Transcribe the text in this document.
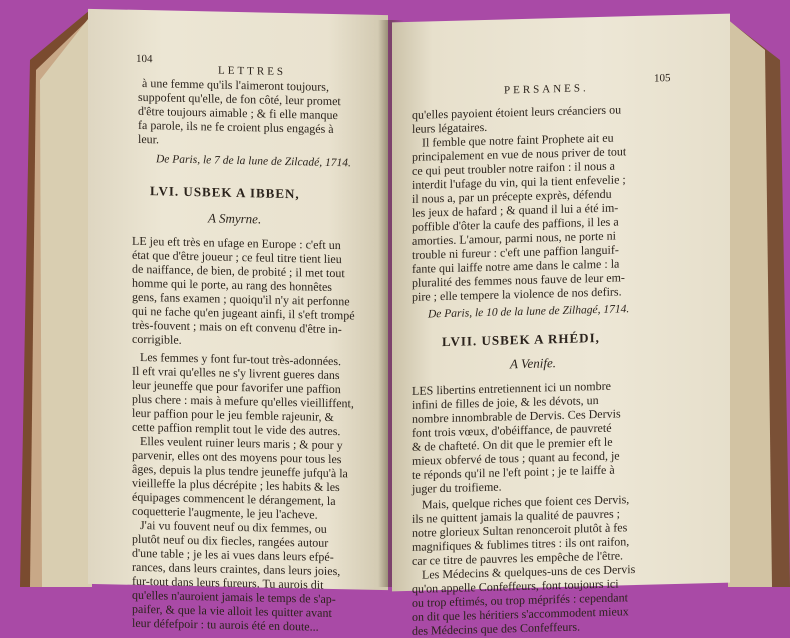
104
LETTRES
à une femme qu'ils l'aimeront toujours,
suppofent qu'elle, de fon côté, leur promet
d'être toujours aimable ; & fi elle manque
fa parole, ils ne fe croient plus engagés à
leur.
De Paris, le 7 de la lune de Zilcadé, 1714.
LVI. USBEK A IBBEN,
A Smyrne.
LE jeu eft très en ufage en Europe : c'eft un
état que d'être joueur ; ce feul titre tient lieu
de naiffance, de bien, de probité ; il met tout
homme qui le porte, au rang des honnêtes
gens, fans examen ; quoiqu'il n'y ait perfonne
qui ne fache qu'en jugeant ainfi, il s'eft trompé
très-fouvent ; mais on eft convenu d'être in-
corrigible.
Les femmes y font fur-tout très-adonnées.
Il eft vrai qu'elles ne s'y livrent gueres dans
leur jeuneffe que pour favorifer une paffion
plus chere : mais à mefure qu'elles vieilliffent,
leur paffion pour le jeu femble rajeunir, &
cette paffion remplit tout le vide des autres.
Elles veulent ruiner leurs maris ; & pour y
parvenir, elles ont des moyens pour tous les
âges, depuis la plus tendre jeuneffe jufqu'à la
vieilleffe la plus décrépite ; les habits & les
équipages commencent le dérangement, la
coquetterie l'augmente, le jeu l'acheve.
J'ai vu fouvent neuf ou dix femmes, ou
plutôt neuf ou dix fiecles, rangées autour
d'une table ; je les ai vues dans leurs efpé-
rances, dans leurs craintes, dans leurs joies,
fur-tout dans leurs fureurs. Tu aurois dit
qu'elles n'auroient jamais le temps de s'ap-
paifer, & que la vie alloit les quitter avant
leur défefpoir : tu aurois été en doute...
PERSANES.
105
qu'elles payoient étoient leurs créanciers ou
leurs légataires.
Il femble que notre faint Prophete ait eu
principalement en vue de nous priver de tout
ce qui peut troubler notre raifon : il nous a
interdit l'ufage du vin, qui la tient enfevelie ;
il nous a, par un précepte exprès, défendu
les jeux de hafard ; & quand il lui a été im-
poffible d'ôter la caufe des paffions, il les a
amorties. L'amour, parmi nous, ne porte ni
trouble ni fureur : c'eft une paffion languif-
fante qui laiffe notre ame dans le calme : la
pluralité des femmes nous fauve de leur em-
pire ; elle tempere la violence de nos defirs.
De Paris, le 10 de la lune de Zilhagé, 1714.
LVII. USBEK A RHÉDI,
A Venife.
LES libertins entretiennent ici un nombre
infini de filles de joie, & les dévots, un
nombre innombrable de Dervis. Ces Dervis
font trois vœux, d'obéiffance, de pauvreté
& de chafteté. On dit que le premier eft le
mieux obfervé de tous ; quant au fecond, je
te réponds qu'il ne l'eft point ; je te laiffe à
juger du troifieme.
Mais, quelque riches que foient ces Dervis,
ils ne quittent jamais la qualité de pauvres ;
notre glorieux Sultan renonceroit plutôt à fes
magnifiques & fublimes titres : ils ont raifon,
car ce titre de pauvres les empêche de l'être.
Les Médecins & quelques-uns de ces Dervis
qu'on appelle Confeffeurs, font toujours ici
ou trop eftimés, ou trop méprifés : cependant
on dit que les héritiers s'accommodent mieux
des Médecins que des Confeffeurs.
